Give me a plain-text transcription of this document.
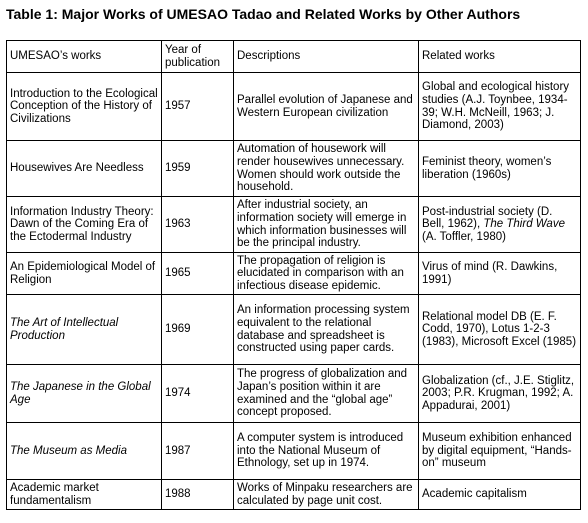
Table 1: Major Works of UMESAO Tadao and Related Works by Other Authors
UMESAO’s works	Year of publication	Descriptions	Related works
Introduction to the Ecological Conception of the History of Civilizations	1957	Parallel evolution of Japanese and Western European civilization	Global and ecological history studies (A.J. Toynbee, 1934-39; W.H. McNeill, 1963; J. Diamond, 2003)
Housewives Are Needless	1959	Automation of housework will render housewives unnecessary. Women should work outside the household.	Feminist theory, women’s liberation (1960s)
Information Industry Theory: Dawn of the Coming Era of the Ectodermal Industry	1963	After industrial society, an information society will emerge in which information businesses will be the principal industry.	Post-industrial society (D. Bell, 1962), The Third Wave (A. Toffler, 1980)
An Epidemiological Model of Religion	1965	The propagation of religion is elucidated in comparison with an infectious disease epidemic.	Virus of mind (R. Dawkins, 1991)
The Art of Intellectual Production	1969	An information processing system equivalent to the relational database and spreadsheet is constructed using paper cards.	Relational model DB (E. F. Codd, 1970), Lotus 1-2-3 (1983), Microsoft Excel (1985)
The Japanese in the Global Age	1974	The progress of globalization and Japan’s position within it are examined and the “global age” concept proposed.	Globalization (cf., J.E. Stiglitz, 2003; P.R. Krugman, 1992; A. Appadurai, 2001)
The Museum as Media	1987	A computer system is introduced into the National Museum of Ethnology, set up in 1974.	Museum exhibition enhanced by digital equipment, “Hands-on” museum
Academic market fundamentalism	1988	Works of Minpaku researchers are calculated by page unit cost.	Academic capitalism
